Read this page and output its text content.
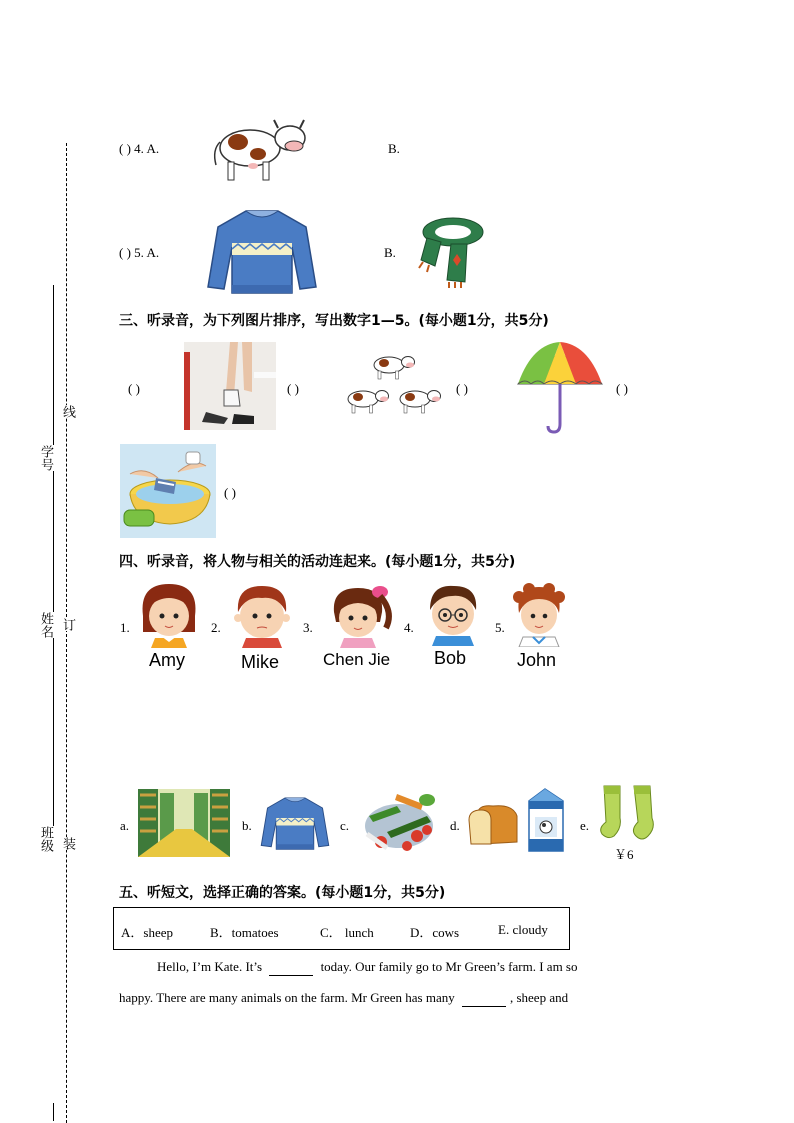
学号
姓名
班级
线
订
装
( ) 4. A.	B.
( ) 5. A.	B.
三、听录音，为下列图片排序，写出数字1—5。(每小题1分，共5分)
( )	( )	( )	( )
( )
四、听录音，将人物与相关的活动连起来。(每小题1分，共5分)
1.
Amy
2.
Mike
3.
Chen Jie
4.
Bob
5.
John
a.	b.	c.	d.	e.
￥6
五、听短文，选择正确的答案。(每小题1分，共5分)
A．sheep	B．tomatoes	C． lunch	D．cows	E. cloudy
Hello, I’m Kate. It’s	today. Our family go to Mr Green’s farm. I am so
happy. There are many animals on the farm. Mr Green has many	, sheep and
